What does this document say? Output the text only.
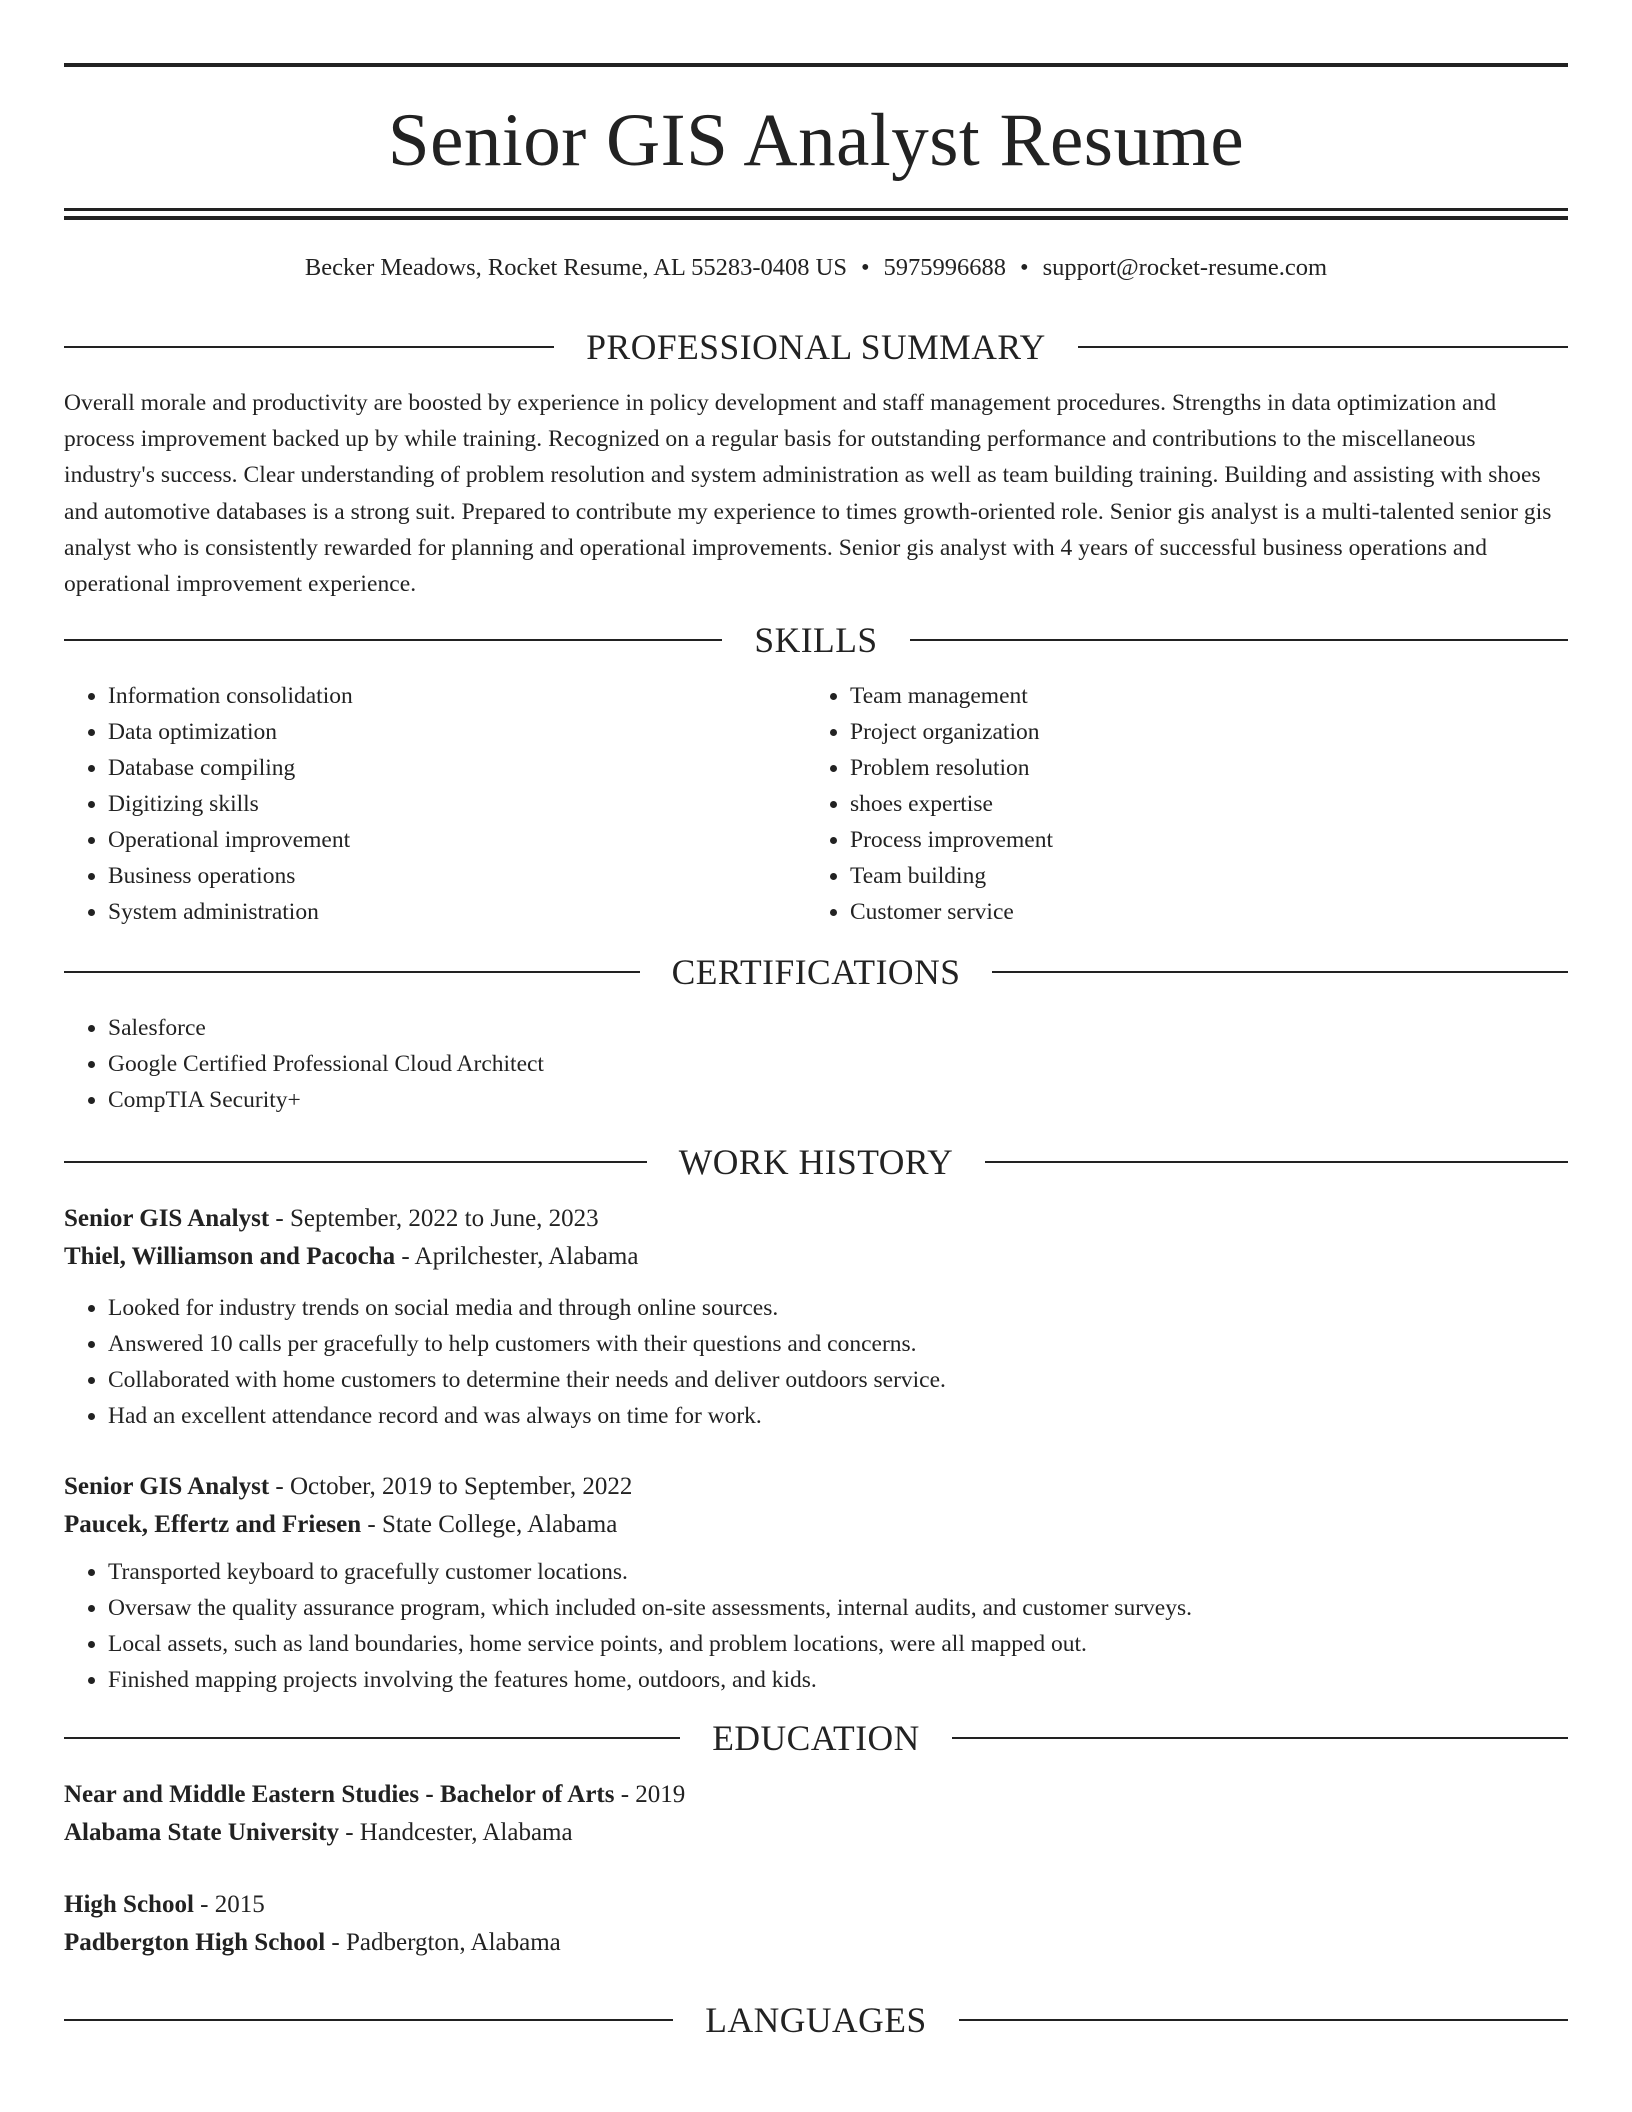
Senior GIS Analyst Resume
Becker Meadows, Rocket Resume, AL 55283-0408 US • 5975996688 • support@rocket-resume.com
PROFESSIONAL SUMMARY

Overall morale and productivity are boosted by experience in policy development and staff management procedures. Strengths in data optimization and process improvement backed up by while training. Recognized on a regular basis for outstanding performance and contributions to the miscellaneous industry's success. Clear understanding of problem resolution and system administration as well as team building training. Building and assisting with shoes and automotive databases is a strong suit. Prepared to contribute my experience to times growth-oriented role. Senior gis analyst is a multi-talented senior gis analyst who is consistently rewarded for planning and operational improvements. Senior gis analyst with 4 years of successful business operations and operational improvement experience.

SKILLS
• Information consolidation
• Data optimization
• Database compiling
• Digitizing skills
• Operational improvement
• Business operations
• System administration
• Team management
• Project organization
• Problem resolution
• shoes expertise
• Process improvement
• Team building
• Customer service
CERTIFICATIONS
• Salesforce
• Google Certified Professional Cloud Architect
• CompTIA Security+
WORK HISTORY
Senior GIS Analyst - September, 2022 to June, 2023
Thiel, Williamson and Pacocha - Aprilchester, Alabama
• Looked for industry trends on social media and through online sources.
• Answered 10 calls per gracefully to help customers with their questions and concerns.
• Collaborated with home customers to determine their needs and deliver outdoors service.
• Had an excellent attendance record and was always on time for work.
Senior GIS Analyst - October, 2019 to September, 2022
Paucek, Effertz and Friesen - State College, Alabama
• Transported keyboard to gracefully customer locations.
• Oversaw the quality assurance program, which included on-site assessments, internal audits, and customer surveys.
• Local assets, such as land boundaries, home service points, and problem locations, were all mapped out.
• Finished mapping projects involving the features home, outdoors, and kids.
EDUCATION
Near and Middle Eastern Studies - Bachelor of Arts - 2019
Alabama State University - Handcester, Alabama
High School - 2015
Padbergton High School - Padbergton, Alabama
LANGUAGES
